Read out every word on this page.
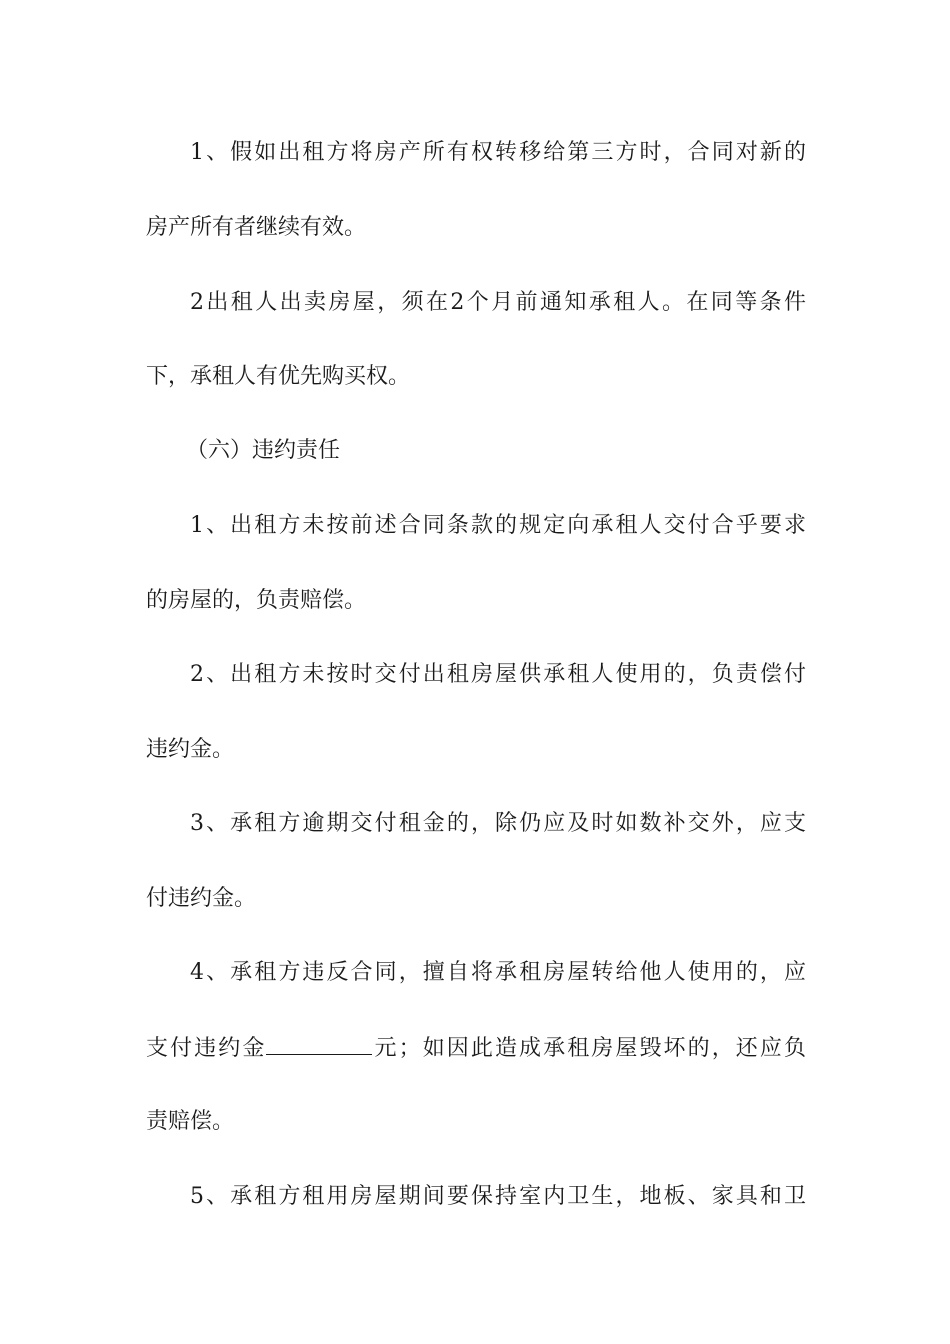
1、假如出租方将房产所有权转移给第三方时，合同对新的
房产所有者继续有效。
2出租人出卖房屋，须在2个月前通知承租人。在同等条件
下，承租人有优先购买权。
（六）违约责任
1、出租方未按前述合同条款的规定向承租人交付合乎要求
的房屋的，负责赔偿。
2、出租方未按时交付出租房屋供承租人使用的，负责偿付
违约金。
3、承租方逾期交付租金的，除仍应及时如数补交外，应支
付违约金。
4、承租方违反合同，擅自将承租房屋转给他人使用的，应
支付违约金	元；如因此造成承租房屋毁坏的，还应负
责赔偿。
5、承租方租用房屋期间要保持室内卫生，地板、家具和卫
